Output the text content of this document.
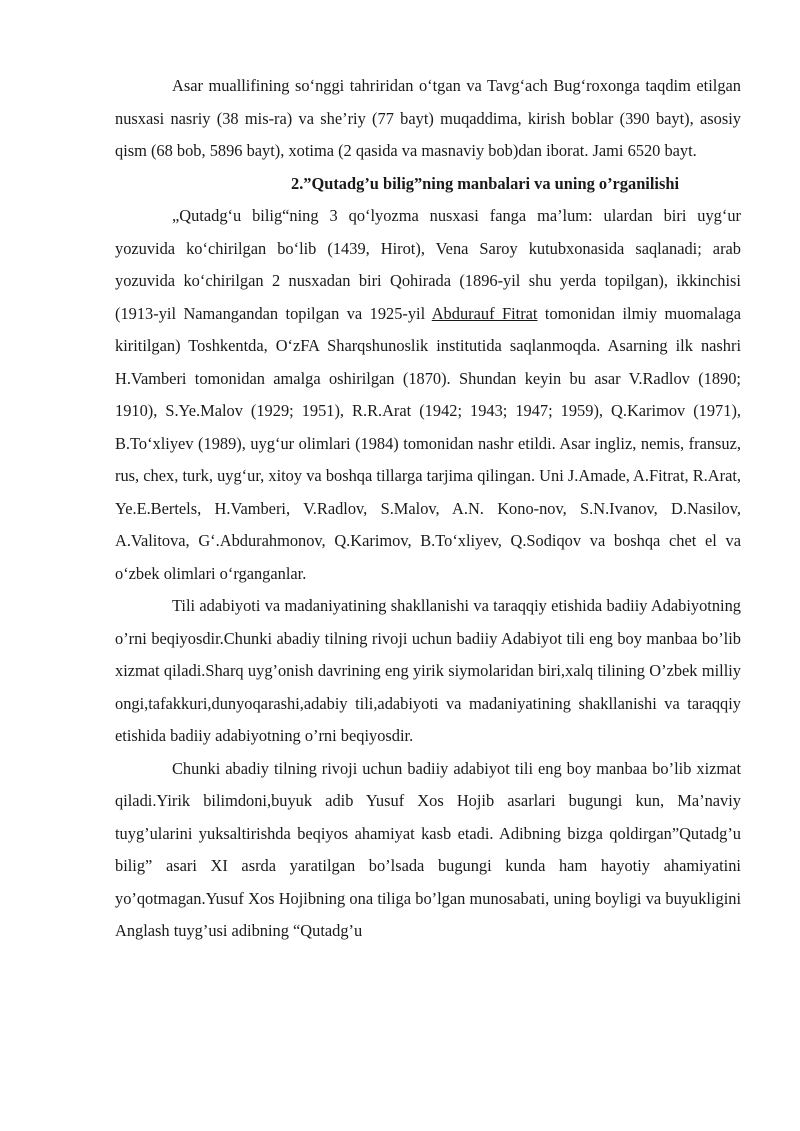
Asar muallifining so‘nggi tahriridan o‘tgan va Tavg‘ach Bug‘roxonga taqdim etilgan nusxasi nasriy (38 mis-ra) va she’riy (77 bayt) muqaddima, kirish boblar (390 bayt), asosiy qism (68 bob, 5896 bayt), xotima (2 qasida va masnaviy bob)dan iborat. Jami 6520 bayt.

2.”Qutadg’u bilig”ning manbalari va uning o’rganilishi

„Qutadg‘u bilig“ning 3 qo‘lyozma nusxasi fanga ma’lum: ulardan biri uyg‘ur yozuvida ko‘chirilgan bo‘lib (1439, Hirot), Vena Saroy kutubxonasida saqlanadi; arab yozuvida ko‘chirilgan 2 nusxadan biri Qohirada (1896-yil shu yerda topilgan), ikkinchisi (1913-yil Namangandan topilgan va 1925-yil Abdurauf Fitrat tomonidan ilmiy muomalaga kiritilgan) Toshkentda, O‘zFA Sharqshunoslik institutida saqlanmoqda. Asarning ilk nashri H.Vamberi tomonidan amalga oshirilgan (1870). Shundan keyin bu asar V.Radlov (1890; 1910), S.Ye.Malov (1929; 1951), R.R.Arat (1942; 1943; 1947; 1959), Q.Karimov (1971), B.To‘xliyev (1989), uyg‘ur olimlari (1984) tomonidan nashr etildi. Asar ingliz, nemis, fransuz, rus, chex, turk, uyg‘ur, xitoy va boshqa tillarga tarjima qilingan. Uni J.Amade, A.Fitrat, R.Arat, Ye.E.Bertels, H.Vamberi, V.Radlov, S.Malov, A.N. Kono-nov, S.N.Ivanov, D.Nasilov, A.Valitova, G‘.Abdurahmonov, Q.Karimov, B.To‘xliyev, Q.Sodiqov va boshqa chet el va o‘zbek olimlari o‘rganganlar.

Tili adabiyoti va madaniyatining shakllanishi va taraqqiy etishida badiiy Adabiyotning o’rni beqiyosdir.Chunki abadiy tilning rivoji uchun badiiy Adabiyot tili eng boy manbaa bo’lib xizmat qiladi.Sharq uyg’onish davrining eng yirik siymolaridan biri,xalq tilining O’zbek milliy ongi,tafakkuri,dunyoqarashi,adabiy tili,adabiyoti va madaniyatining shakllanishi va taraqqiy etishida badiiy adabiyotning o’rni beqiyosdir.

Chunki abadiy tilning rivoji uchun badiiy adabiyot tili eng boy manbaa bo’lib xizmat qiladi.Yirik bilimdoni,buyuk adib Yusuf Xos Hojib asarlari bugungi kun, Ma’naviy tuyg’ularini yuksaltirishda beqiyos ahamiyat kasb etadi. Adibning bizga qoldirgan”Qutadg’u bilig” asari XI asrda yaratilgan bo’lsada bugungi kunda ham hayotiy ahamiyatini yo’qotmagan.Yusuf Xos Hojibning ona tiliga bo’lgan munosabati, uning boyligi va buyukligini Anglash tuyg’usi adibning “Qutadg’u
